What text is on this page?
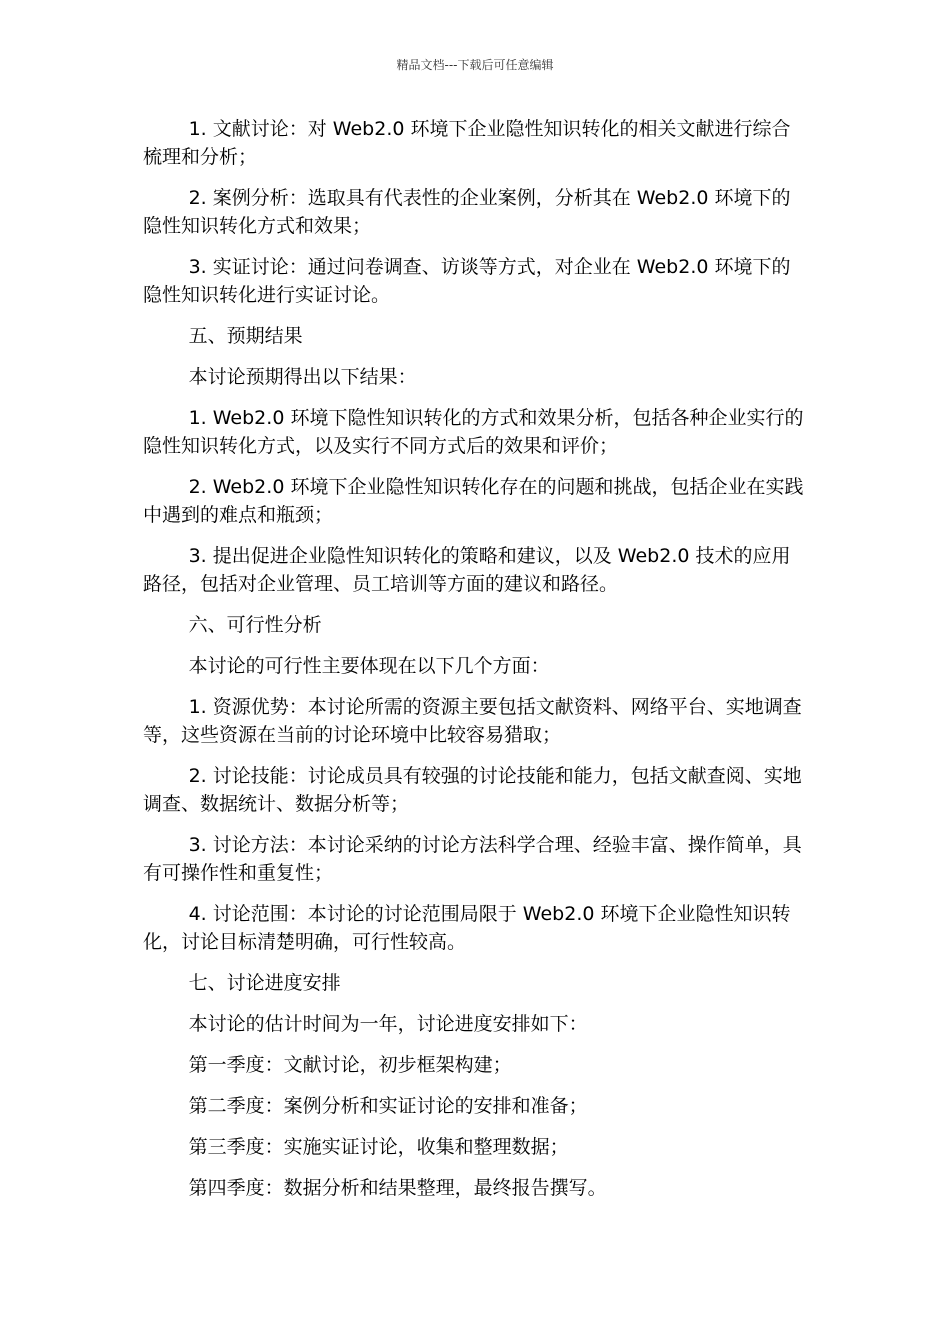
精品文档---下载后可任意编辑

1. 文献讨论：对 Web2.0 环境下企业隐性知识转化的相关文献进行综合梳理和分析；

2. 案例分析：选取具有代表性的企业案例，分析其在 Web2.0 环境下的隐性知识转化方式和效果；

3. 实证讨论：通过问卷调查、访谈等方式，对企业在 Web2.0 环境下的隐性知识转化进行实证讨论。

五、预期结果

本讨论预期得出以下结果：

1. Web2.0 环境下隐性知识转化的方式和效果分析，包括各种企业实行的隐性知识转化方式，以及实行不同方式后的效果和评价；

2. Web2.0 环境下企业隐性知识转化存在的问题和挑战，包括企业在实践中遇到的难点和瓶颈；

3. 提出促进企业隐性知识转化的策略和建议，以及 Web2.0 技术的应用路径，包括对企业管理、员工培训等方面的建议和路径。

六、可行性分析

本讨论的可行性主要体现在以下几个方面：

1. 资源优势：本讨论所需的资源主要包括文献资料、网络平台、实地调查等，这些资源在当前的讨论环境中比较容易猎取；

2. 讨论技能：讨论成员具有较强的讨论技能和能力，包括文献查阅、实地调查、数据统计、数据分析等；

3. 讨论方法：本讨论采纳的讨论方法科学合理、经验丰富、操作简单，具有可操作性和重复性；

4. 讨论范围：本讨论的讨论范围局限于 Web2.0 环境下企业隐性知识转化，讨论目标清楚明确，可行性较高。

七、讨论进度安排

本讨论的估计时间为一年，讨论进度安排如下：

第一季度：文献讨论，初步框架构建；

第二季度：案例分析和实证讨论的安排和准备；

第三季度：实施实证讨论，收集和整理数据；

第四季度：数据分析和结果整理，最终报告撰写。
